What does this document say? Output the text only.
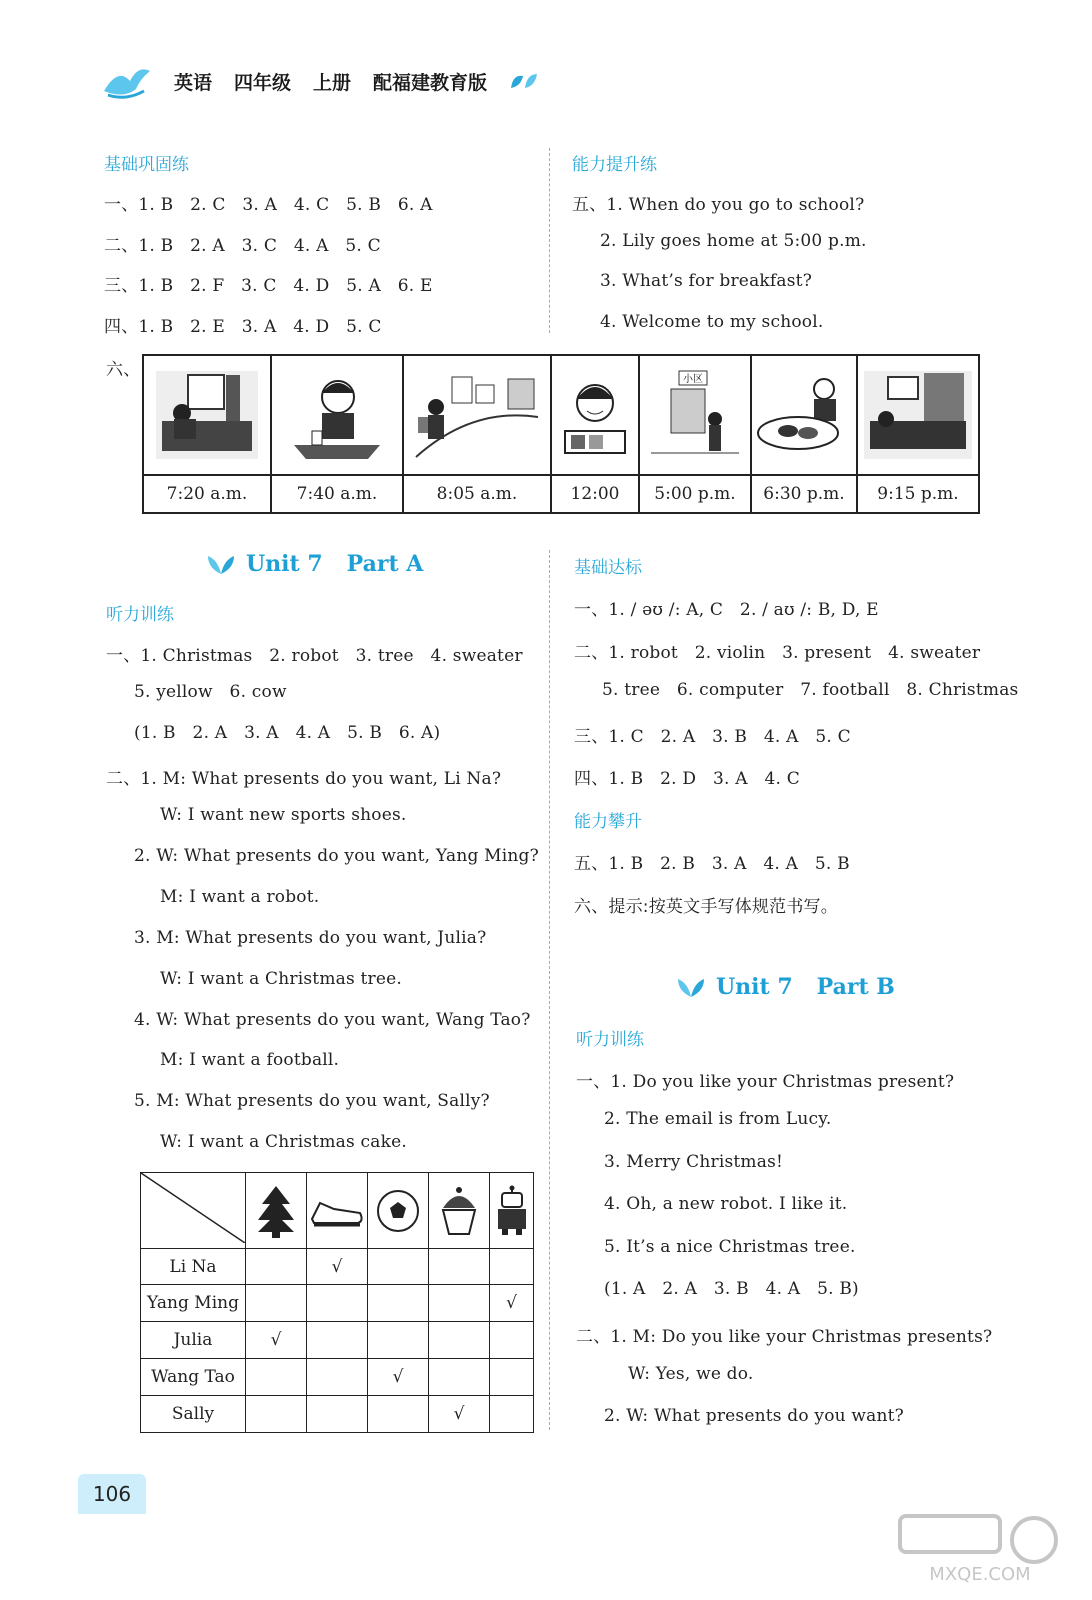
英语 四年级 上册 配福建教育版
基础巩固练
一、1. B   2. C   3. A   4. C   5. B   6. A
二、1. B   2. A   3. C   4. A   5. C
三、1. B   2. F   3. C   4. D   5. A   6. E
四、1. B   2. E   3. A   4. D   5. C
能力提升练
五、1. When do you go to school?
2. Lily goes home at 5:00 p.m.
3. What’s for breakfast?
4. Welcome to my school.
六、

		小区

7:20 a.m.	7:40 a.m.	8:05 a.m.	12:00	5:00 p.m.	6:30 p.m.	9:15 p.m.
Unit 7 Part A
听力训练
一、1. Christmas   2. robot   3. tree   4. sweater
5. yellow   6. cow
(1. B   2. A   3. A   4. A   5. B   6. A)
二、1. M: What presents do you want, Li Na?
W: I want new sports shoes.
2. W: What presents do you want, Yang Ming?
M: I want a robot.
3. M: What presents do you want, Julia?
W: I want a Christmas tree.
4. W: What presents do you want, Wang Tao?
M: I want a football.
5. M: What presents do you want, Sally?
W: I want a Christmas cake.

Li Na		√			
Yang Ming					√
Julia	√				
Wang Tao			√		
Sally				√	
基础达标
一、1. / əʊ /: A, C   2. / aʊ /: B, D, E
二、1. robot   2. violin   3. present   4. sweater
5. tree   6. computer   7. football   8. Christmas
三、1. C   2. A   3. B   4. A   5. C
四、1. B   2. D   3. A   4. C
能力攀升
五、1. B   2. B   3. A   4. A   5. B
六、提示:按英文手写体规范书写。
Unit 7 Part B
听力训练
一、1. Do you like your Christmas present?
2. The email is from Lucy.
3. Merry Christmas!
4. Oh, a new robot. I like it.
5. It’s a nice Christmas tree.
(1. A   2. A   3. B   4. A   5. B)
二、1. M: Do you like your Christmas presents?
W: Yes, we do.
2. W: What presents do you want?
106
MXQE.COM
